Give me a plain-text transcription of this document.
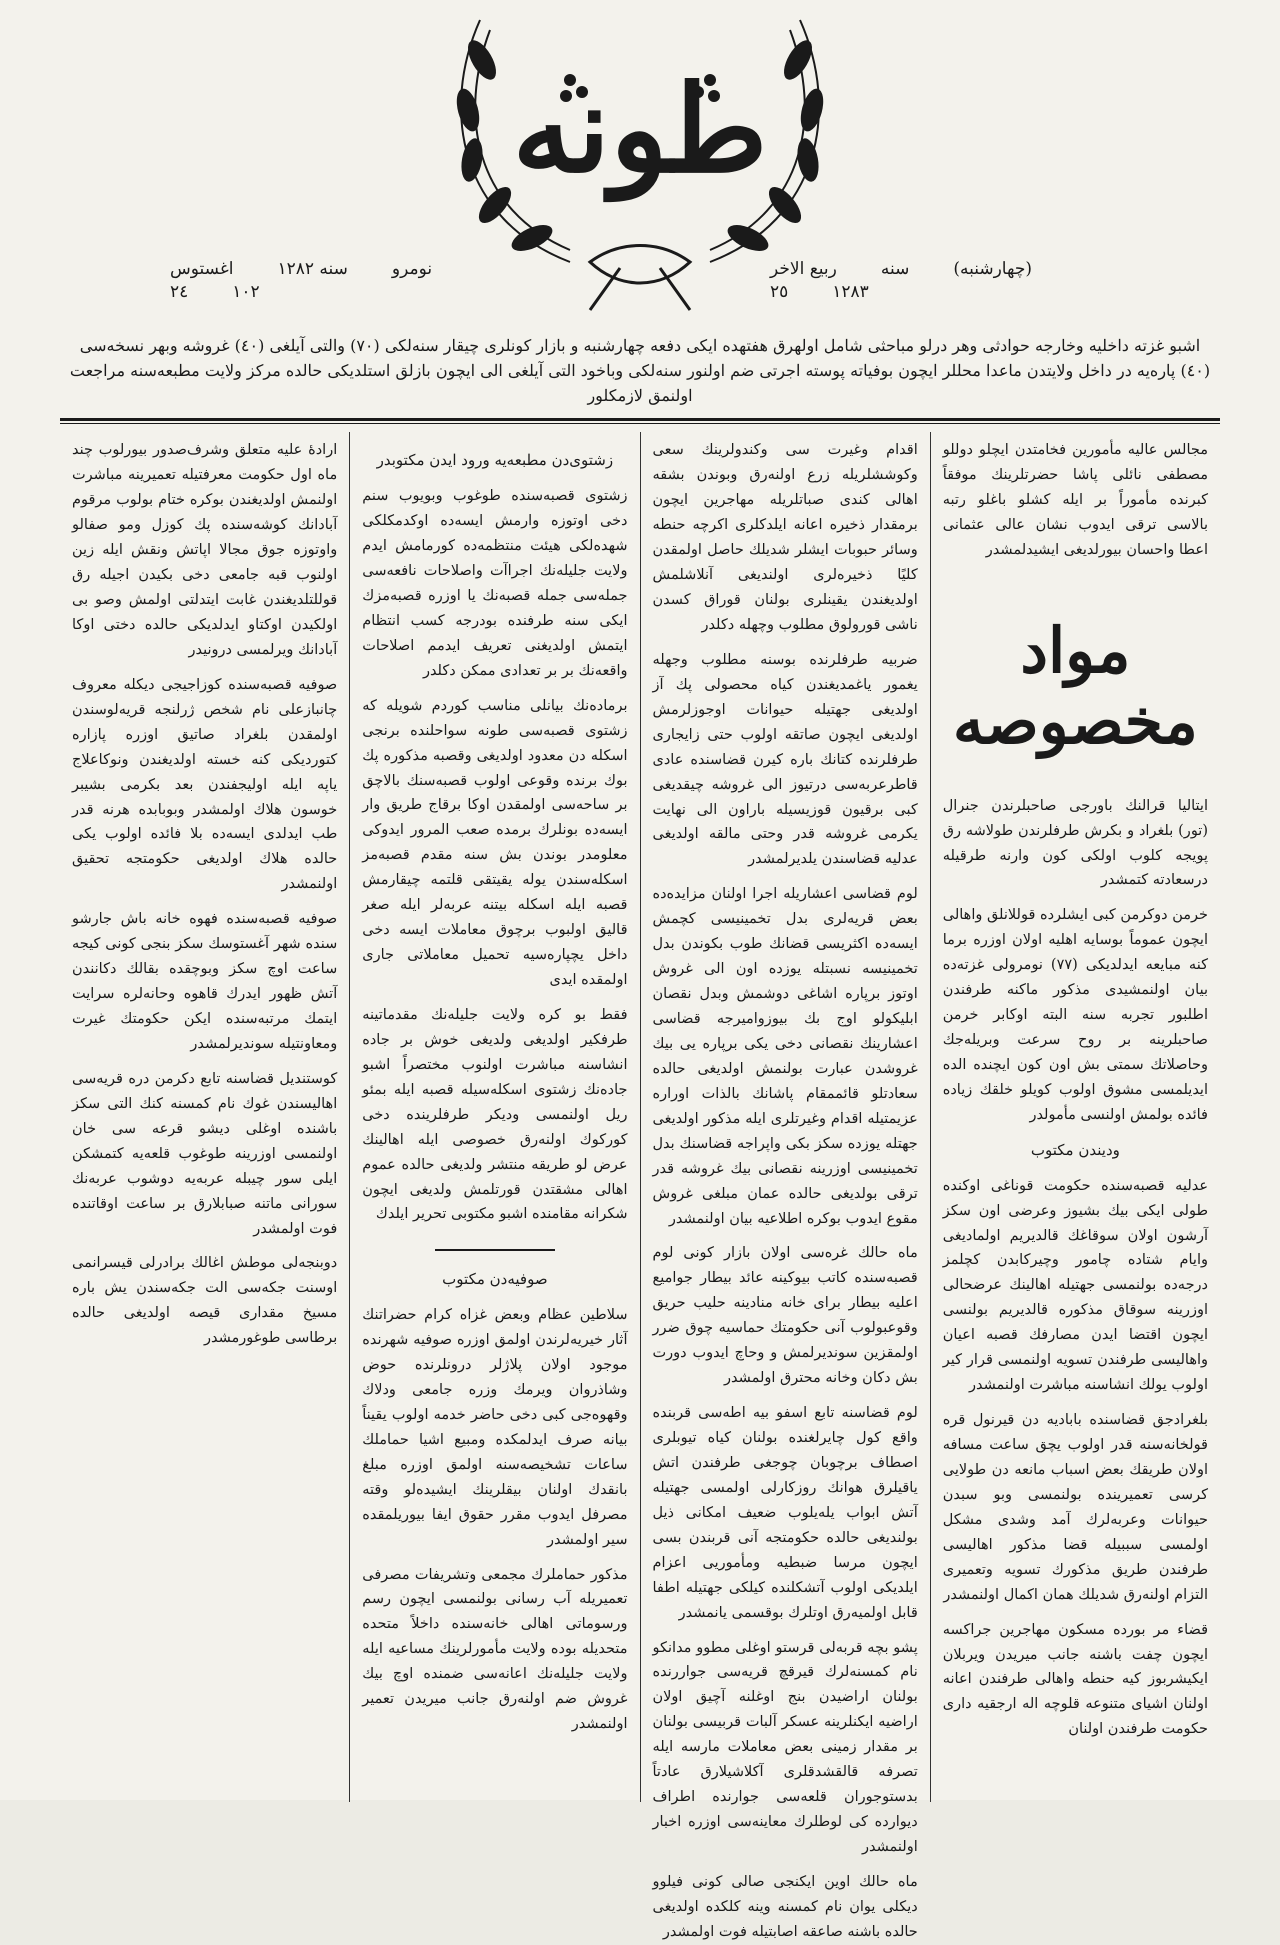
طونه
نومرو
سنه ١٢٨٢
اغستوس
١٠٢
٢٤
(چهارشنبه)
سنه
ربيع الاخر
١٢٨٣
٢٥
اشبو غزته داخليه وخارجه حوادثی وهر درلو مباحثی شامل اولهرق هفتهده ایكی دفعه چهارشنبه و بازار كونلری چیقار سنه‌لكی (٧٠) والتی آیلغی (٤٠) غروشه وبهر نسخه‌سی (٤٠) پاره‌یه در داخل ولایتدن ماعدا محللر ایچون بوفیاته پوسته اجرتی ضم اولنور سنه‌لكی وباخود التی آیلغی الی ایچون بازلق استلدیكی حالده مركز ولایت مطبعه‌سنه مراجعت اولنمق لازمكلور

مجالس عالیه مأمورین فخامتدن ایچلو دوللو مصطفی نائلی پاشا حضرتلرینك موفقاً كبرنده مأموراً بر ایله كشلو باغلو رتبه بالاسی ترقی ایدوب نشان عالی عثمانی اعطا واحسان بیورلدیغی ایشیدلمشدر

مواد مخصوصه

ایتالیا قرالنك باورجی صاحبلرندن جنرال (تور) بلغراد و بكرش طرفلرندن طولاشه رق پویجه كلوب اولكی كون وارنه طرقیله درسعادته كتمشدر

خرمن دوكرمن كبی ایشلرده قوللانلق واهالی ایچون عموماً بوسایه اهلیه اولان اوزره برما كنه مبایعه ایدلدیكی (٧٧) نومرولی غزته‌ده بیان اولنمشیدی مذكور ماكنه طرفندن اطلبور تجربه سنه البته اوكابر خرمن صاحبلرینه بر روح سرعت وبریله‌جك وحاصلاتك سمتی بش اون كون ایچنده الده ایدیلمسی مشوق اولوب كویلو خلقك زیاده فائده بولمش اولنسی مأمولدر

ودیندن مكتوب

عدلیه قصبه‌سنده حكومت قوناغی اوكنده طولی ایكی بیك بشیوز وعرضی اون سكز آرشون اولان سوقاغك قالدیریم اولمادیغی وایام شتاده چامور وچیركابدن كچلمز درجه‌ده بولنمسی جهتیله اهالینك عرضحالی اوزرینه سوقاق مذكوره قالدیریم بولنسی ایچون اقتضا ایدن مصارفك قصبه اعیان واهالیسی طرفندن تسویه اولنمسی قرار كیر اولوب یولك انشاسنه مباشرت اولنمشدر

بلغرادجق قضاسنده بابادیه دن قیرنول قره قولخانه‌سنه قدر اولوب یچق ساعت مسافه اولان طریقك بعض اسباب مانعه‌ دن طولایی كرسی تعمیرینده بولنمسی وبو سبدن حیوانات وعربه‌لرك آمد وشدی مشكل اولمسی سببیله قضا مذكور اهالیسی طرفندن طریق مذكورك تسویه وتعمیری التزام اولنه‌رق شدیلك همان اكمال اولنمشدر

قضاء مر بورده مسكون مهاجرین جراكسه ایچون چفت باشنه جانب میریدن ویربلان ایكیشربوز كیه حنطه واهالی طرفندن اعانه اولنان اشیای متنوعه قلوچه اله ارجقیه داری حكومت طرفندن اولنان

اقدام وغیرت سی وكندولرینك سعی وكوششلریله زرع اولنه‌رق وبوندن بشقه اهالی كندی صباتلریله مهاجرین ایچون برمقدار ذخیره اعانه ایلدكلری اكرچه حنطه وسائر حبوبات ایشلر شدیلك حاصل اولمقدن كلیًا ذخیره‌لری اولندیغی آنلاشلمش اولدیغندن یقینلری بولنان قوراق كسدن ناشی قورولوق مطلوب وچهله دكلدر

ضربیه طرفلرنده بوسنه مطلوب وجهله یغمور یاغمدیغندن كیاه محصولی پك آز اولدیغی جهتیله حیوانات اوجوزلرمش اولدیغی ایچون صاتقه اولوب حتی زایجاری طرفلرنده كتانك باره كیرن قضاسنده عادی قاطرعربه‌سی درتیوز الی غروشه چیقدیغی كبی برقیون قوزیسیله باراون الی نهایت یكرمی غروشه قدر وحتی مالقه اولدیغی عدلیه قضاسندن یلدیرلمشدر

لوم قضاسی اعشاریله اجرا اولنان مزایده‌ده بعض قریه‌لری بدل تخمینیسی كچمش ایسه‌ده اكثریسی قضانك طوب بكوندن بدل تخمینیسه نسبتله یوزده اون الی غروش اوتوز برپاره اشاغی دوشمش وبدل نقصان ابلیكولو اوج بك بیوزوامیرجه قضاسی اعشارینك نقصانی دخی یكی برپاره یی بیك غروشدن عبارت بولنمش اولدیغی حالده سعادتلو قائممقام پاشانك بالذات اوراره عزیمتیله اقدام وغیرتلری ایله مذكور اولدیغی جهتله یوزده سكز بكی واپراجه قضاسنك بدل تخمینیسی اوزرینه نقصانی بیك غروشه قدر ترقی بولدیغی حالده عمان مبلغی غروش مقوع ایدوب بوكره اطلاعیه بیان اولنمشدر

ماه حالك غره‌سی اولان بازار كونی لوم قصبه‌سنده كاتب بیوكینه عائد بیطار جوامیع اعلیه بیطار برای خانه منادینه حلیب حریق وقوعبولوب آنی حكومتك حماسیه چوق ضرر اولمقزین سوندیرلمش و وحاچ ایدوب دورت بش دكان وخانه محترق اولمشدر

لوم قضاسنه تابع اسفو بیه اطه‌سی قربنده واقع كول چایرلغنده بولنان كیاه تیوبلری اصطاف برچوبان چوجغی طرفندن اتش یاقیلرق هوانك روزكارلی اولمسی جهتیله آتش ابواب یله‌یلوب ضعیف امكانی ذیل بولندیغی حالده حكومتجه آنی قربندن بسی ایچون مرسا ضبطیه ومأموریی اعزام ایلدیكی اولوب آتشكلنده كیلكی جهتیله اطفا قابل اولمیه‌رق اوتلرك بوقسمی یانمشدر

پشو بچه قربه‌لی قرستو اوغلی مطوو مدانكو نام كمسنه‌لرك قیرقچ قریه‌سی جواررنده بولنان اراضیدن بنج اوغلنه آچیق اولان اراضیه ایكنلرینه عسكر آلبات قربیسی بولنان بر مقدار زمینی بعض معاملات مارسه ایله تصرفه قالقشدقلری آكلاشیلارق عادتاً بدستوجوران قلعه‌سی جوارنده اطراف دیوارده كی لوطلرك معاینه‌سی اوزره اخبار اولنمشدر

ماه حالك اوین ایكنجی صالی كونی فیلوو دیكلی یوان نام كمسنه وینه كلكده اولدیغی حالده باشنه صاعقه اصابتیله فوت اولمشدر

زشتوی‌دن مطبعه‌یه ورود ایدن مكتوبدر

زشتوی قصبه‌سنده طوغوب وبویوب سنم دخی اوتوزه وارمش ایسه‌ده اوكدمكلكی شهده‌لكی هیئت منتظمه‌ده كورمامش ایدم ولایت جلیله‌نك اجراآت واصلاحات نافعه‌سی جمله‌سی جمله قصبه‌نك یا اوزره قصبه‌مزك ایكی سنه طرفنده بودرجه كسب انتظام ایتمش اولدیغنی تعریف ایدمم اصلاحات واقعه‌نك بر بر تعدادی ممكن دكلدر

برماده‌نك بیانلی مناسب كوردم شویله كه زشتوی قصبه‌سی طونه سواحلنده برنجی اسكله دن معدود اولدیغی وقصبه مذكوره پك بوك برنده وقوعی اولوب قصبه‌سنك بالاچق بر ساحه‌سی اولمقدن اوكا برقاج طریق وار ایسه‌ده بونلرك برمده صعب المرور ایدوكی معلومدر بوندن بش سنه مقدم قصبه‌مز اسكله‌سندن یوله یقیتقی قلتمه چیقارمش قصبه ایله اسكله بیتنه عربه‌لر ایله صغر قالیق اولبوب برچوق معاملات ایسه دخی داخل یچپاره‌سیه تحمیل معاملاتی جاری اولمقده ایدی

فقط بو كره ولایت جلیله‌نك مقدماتینه طرفكیر اولدیغی ولدیغی خوش بر جاده انشاسنه مباشرت اولنوب مختصراً اشبو جاده‌نك زشتوی اسكله‌سیله قصبه ایله بمئو ریل اولنمسی ودیكر طرفلرینده دخی كوركوك اولنه‌رق خصوصی ایله اهالینك عرض لو طریقه منتشر ولدیغی حالده عموم اهالی مشقتدن قورتلمش ولدیغی ایچون شكرانه مقامنده اشبو مكتوبی تحریر ایلدك

صوفیه‌دن مكتوب

سلاطین عظام وبعض غزاه كرام حضراتنك آثار خیریه‌لرندن اولمق اوزره صوفیه شهرنده موجود اولان پلاژلر درونلرنده حوض وشاذروان ویرمك وزره جامعی ودلاك وقهوه‌جی كبی دخی حاضر خدمه اولوب یقیناً بیانه صرف ایدلمكده ومبیع اشیا حماملك ساعات تشخیصه‌سنه اولمق اوزره مبلغ بانقدك اولنان بیقلرینك ایشیده‌لو وقته مصرفل ایدوب مقرر حقوق ایفا بیوریلمقده سیر اولمشدر

مذكور حماملرك مجمعی وتشریفات مصرفی تعمیریله آب رسانی بولنمسی ایچون رسم ورسوماتی اهالی خانه‌سنده داخلاً متحده‌ متحدیله بوده ولایت مأمورلرینك مساعیه ایله ولایت جلیله‌نك اعانه‌سی ضمنده اوچ بیك غروش ضم اولنه‌رق جانب میریدن تعمیر اولنمشدر

ارادهٔ علیه متعلق وشرف‌صدور بیورلوب چند ماه اول حكومت معرفتیله تعمیرینه مباشرت اولنمش اولدیغندن بوكره ختام بولوب مرقوم آبادانك كوشه‌سنده پك كوزل ومو صفالو واوتوزه جوق مجالا اپاتش ونقش ایله زین اولنوب قبه جامعی دخی بكیدن اجیله رق قوللتلدیغندن غابت ایتدلتی اولمش وصو بی اولكیدن اوكتاو ایدلدیكی حالده دختی اوكا آبادانك ویرلمسی درونیدر

صوفیه قصبه‌سنده كوزاجیجی دیكله معروف چانبازعلی نام شخص ژرلنجه قریه‌لوسندن اولمقدن بلغراد صاتیق اوزره پازاره كتوردیكی كنه خسته اولدیغندن ونوكاعلاج یاپه ایله اولیجفندن بعد بكرمی بشیبر خوسون هلاك اولمشدر وبوبابده هرنه قدر طب ایدلدی ایسه‌ده بلا فائده اولوب یكی حالده هلاك اولدیغی حكومتجه تحقیق اولنمشدر

صوفیه قصبه‌سنده فهوه خانه باش جارشو سنده شهر آغستوسك سكز بنجی كونی كیجه ساعت اوچ سكز وبوچقده بقالك دكانندن آتش ظهور ایدرك قاهوه وحانه‌لره سرایت ایتمك مرتبه‌سنده ایكن حكومتك غیرت ومعاونتیله سوندیرلمشدر

كوستندیل قضاسنه تابع دكرمن دره قریه‌سی اهالیسندن غوك نام كمسنه كنك التی سكز باشنده اوغلی دیشو قرعه سی خان اولنمسی اوزرینه طوغوب قلعه‌یه كتمشكن ایلی سور چیبله عربه‌یه دوشوب عربه‌نك سورانی ماتنه صبابلارق بر ساعت اوقاتنده فوت اولمشدر

دوبنجه‌لی موطش اغالك برادرلی قیسرانمی اوسنت جكه‌سی الت جكه‌سندن یش باره مسیخ مقداری قیصه اولدیغی حالده برطاسی طوغورمشدر
